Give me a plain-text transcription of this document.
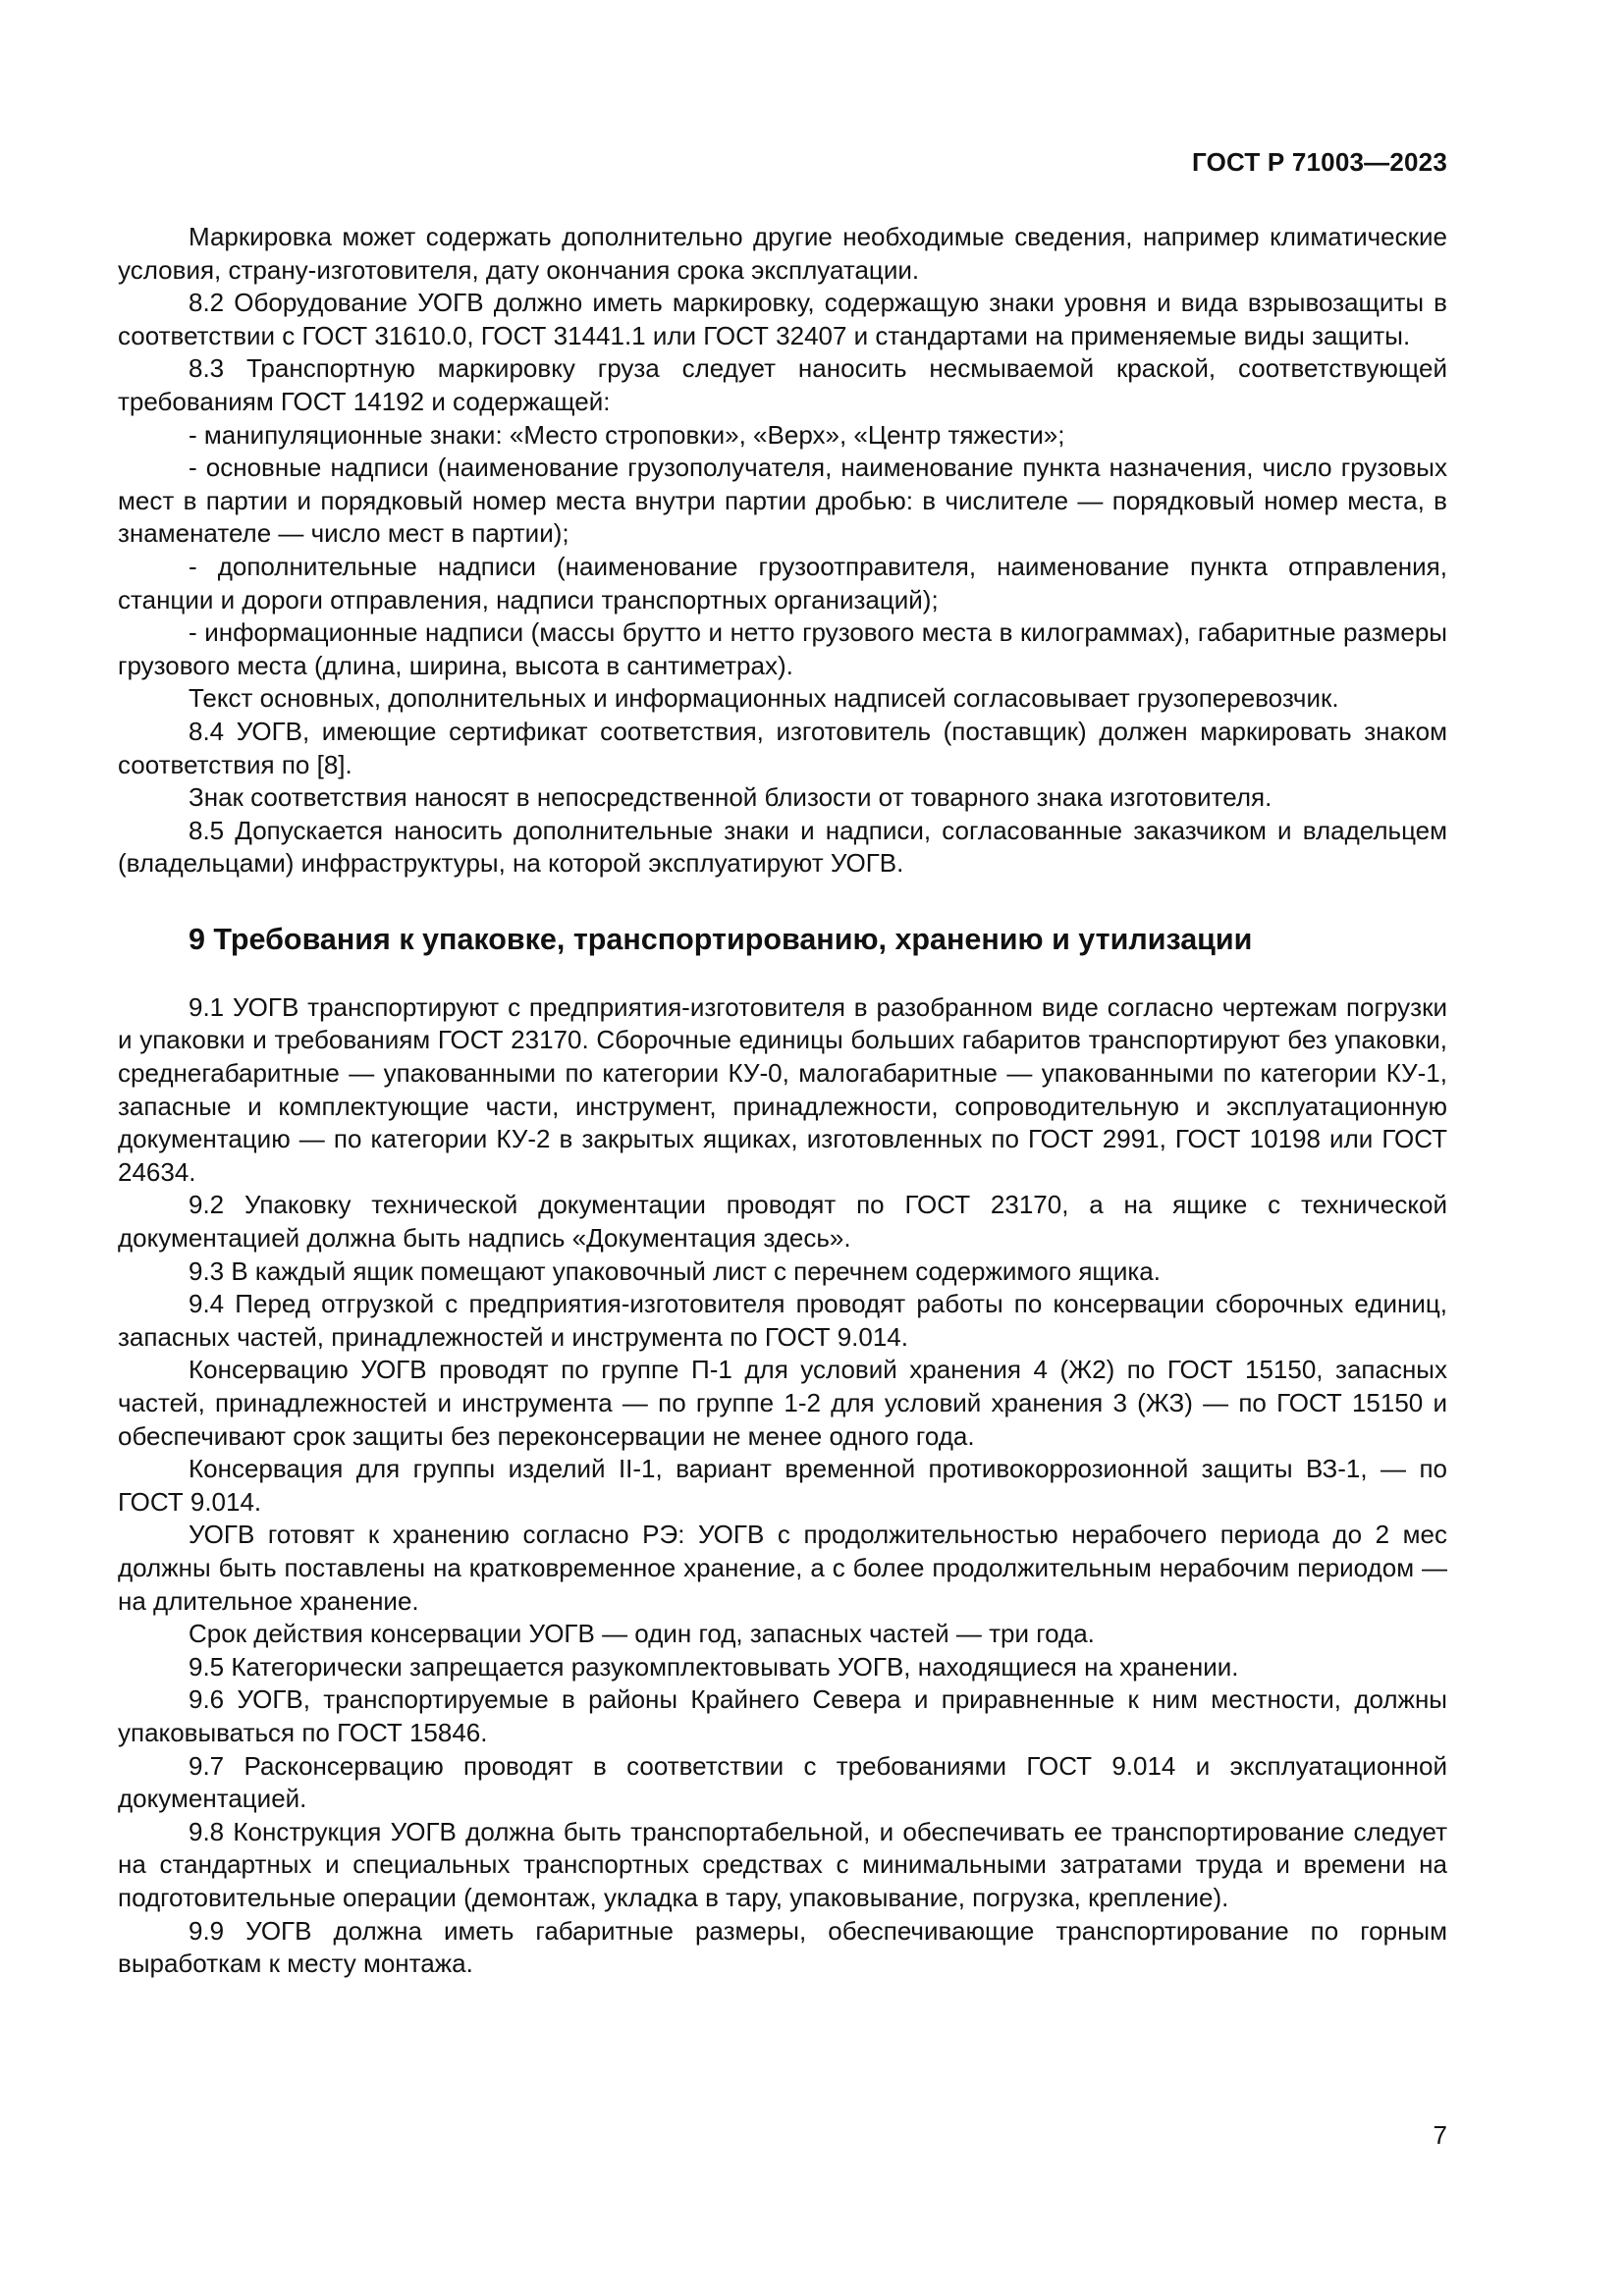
ГОСТ Р 71003—2023

Маркировка может содержать дополнительно другие необходимые сведения, например климатические условия, страну-изготовителя, дату окончания срока эксплуатации.

8.2 Оборудование УОГВ должно иметь маркировку, содержащую знаки уровня и вида взрывозащиты в соответствии с ГОСТ 31610.0, ГОСТ 31441.1 или ГОСТ 32407 и стандартами на применяемые виды защиты.

8.3 Транспортную маркировку груза следует наносить несмываемой краской, соответствующей требованиям ГОСТ 14192 и содержащей:

- манипуляционные знаки: «Место строповки», «Верх», «Центр тяжести»;

- основные надписи (наименование грузополучателя, наименование пункта назначения, число грузовых мест в партии и порядковый номер места внутри партии дробью: в числителе — порядковый номер места, в знаменателе — число мест в партии);

- дополнительные надписи (наименование грузоотправителя, наименование пункта отправления, станции и дороги отправления, надписи транспортных организаций);

- информационные надписи (массы брутто и нетто грузового места в килограммах), габаритные размеры грузового места (длина, ширина, высота в сантиметрах).

Текст основных, дополнительных и информационных надписей согласовывает грузоперевозчик.

8.4 УОГВ, имеющие сертификат соответствия, изготовитель (поставщик) должен маркировать знаком соответствия по [8].

Знак соответствия наносят в непосредственной близости от товарного знака изготовителя.

8.5 Допускается наносить дополнительные знаки и надписи, согласованные заказчиком и владельцем (владельцами) инфраструктуры, на которой эксплуатируют УОГВ.

9 Требования к упаковке, транспортированию, хранению и утилизации

9.1 УОГВ транспортируют с предприятия-изготовителя в разобранном виде согласно чертежам погрузки и упаковки и требованиям ГОСТ 23170. Сборочные единицы больших габаритов транспортируют без упаковки, среднегабаритные — упакованными по категории КУ-0, малогабаритные — упакованными по категории КУ-1, запасные и комплектующие части, инструмент, принадлежности, сопроводительную и эксплуатационную документацию — по категории КУ-2 в закрытых ящиках, изготовленных по ГОСТ 2991, ГОСТ 10198 или ГОСТ 24634.

9.2 Упаковку технической документации проводят по ГОСТ 23170, а на ящике с технической документацией должна быть надпись «Документация здесь».

9.3 В каждый ящик помещают упаковочный лист с перечнем содержимого ящика.

9.4 Перед отгрузкой с предприятия-изготовителя проводят работы по консервации сборочных единиц, запасных частей, принадлежностей и инструмента по ГОСТ 9.014.

Консервацию УОГВ проводят по группе П-1 для условий хранения 4 (Ж2) по ГОСТ 15150, запасных частей, принадлежностей и инструмента — по группе 1-2 для условий хранения 3 (ЖЗ) — по ГОСТ 15150 и обеспечивают срок защиты без переконсервации не менее одного года.

Консервация для группы изделий II-1, вариант временной противокоррозионной защиты ВЗ-1, — по ГОСТ 9.014.

УОГВ готовят к хранению согласно РЭ: УОГВ с продолжительностью нерабочего периода до 2 мес должны быть поставлены на кратковременное хранение, а с более продолжительным нерабочим периодом — на длительное хранение.

Срок действия консервации УОГВ — один год, запасных частей — три года.

9.5 Категорически запрещается разукомплектовывать УОГВ, находящиеся на хранении.

9.6 УОГВ, транспортируемые в районы Крайнего Севера и приравненные к ним местности, должны упаковываться по ГОСТ 15846.

9.7 Расконсервацию проводят в соответствии с требованиями ГОСТ 9.014 и эксплуатационной документацией.

9.8 Конструкция УОГВ должна быть транспортабельной, и обеспечивать ее транспортирование следует на стандартных и специальных транспортных средствах с минимальными затратами труда и времени на подготовительные операции (демонтаж, укладка в тару, упаковывание, погрузка, крепление).

9.9 УОГВ должна иметь габаритные размеры, обеспечивающие транспортирование по горным выработкам к месту монтажа.

7
